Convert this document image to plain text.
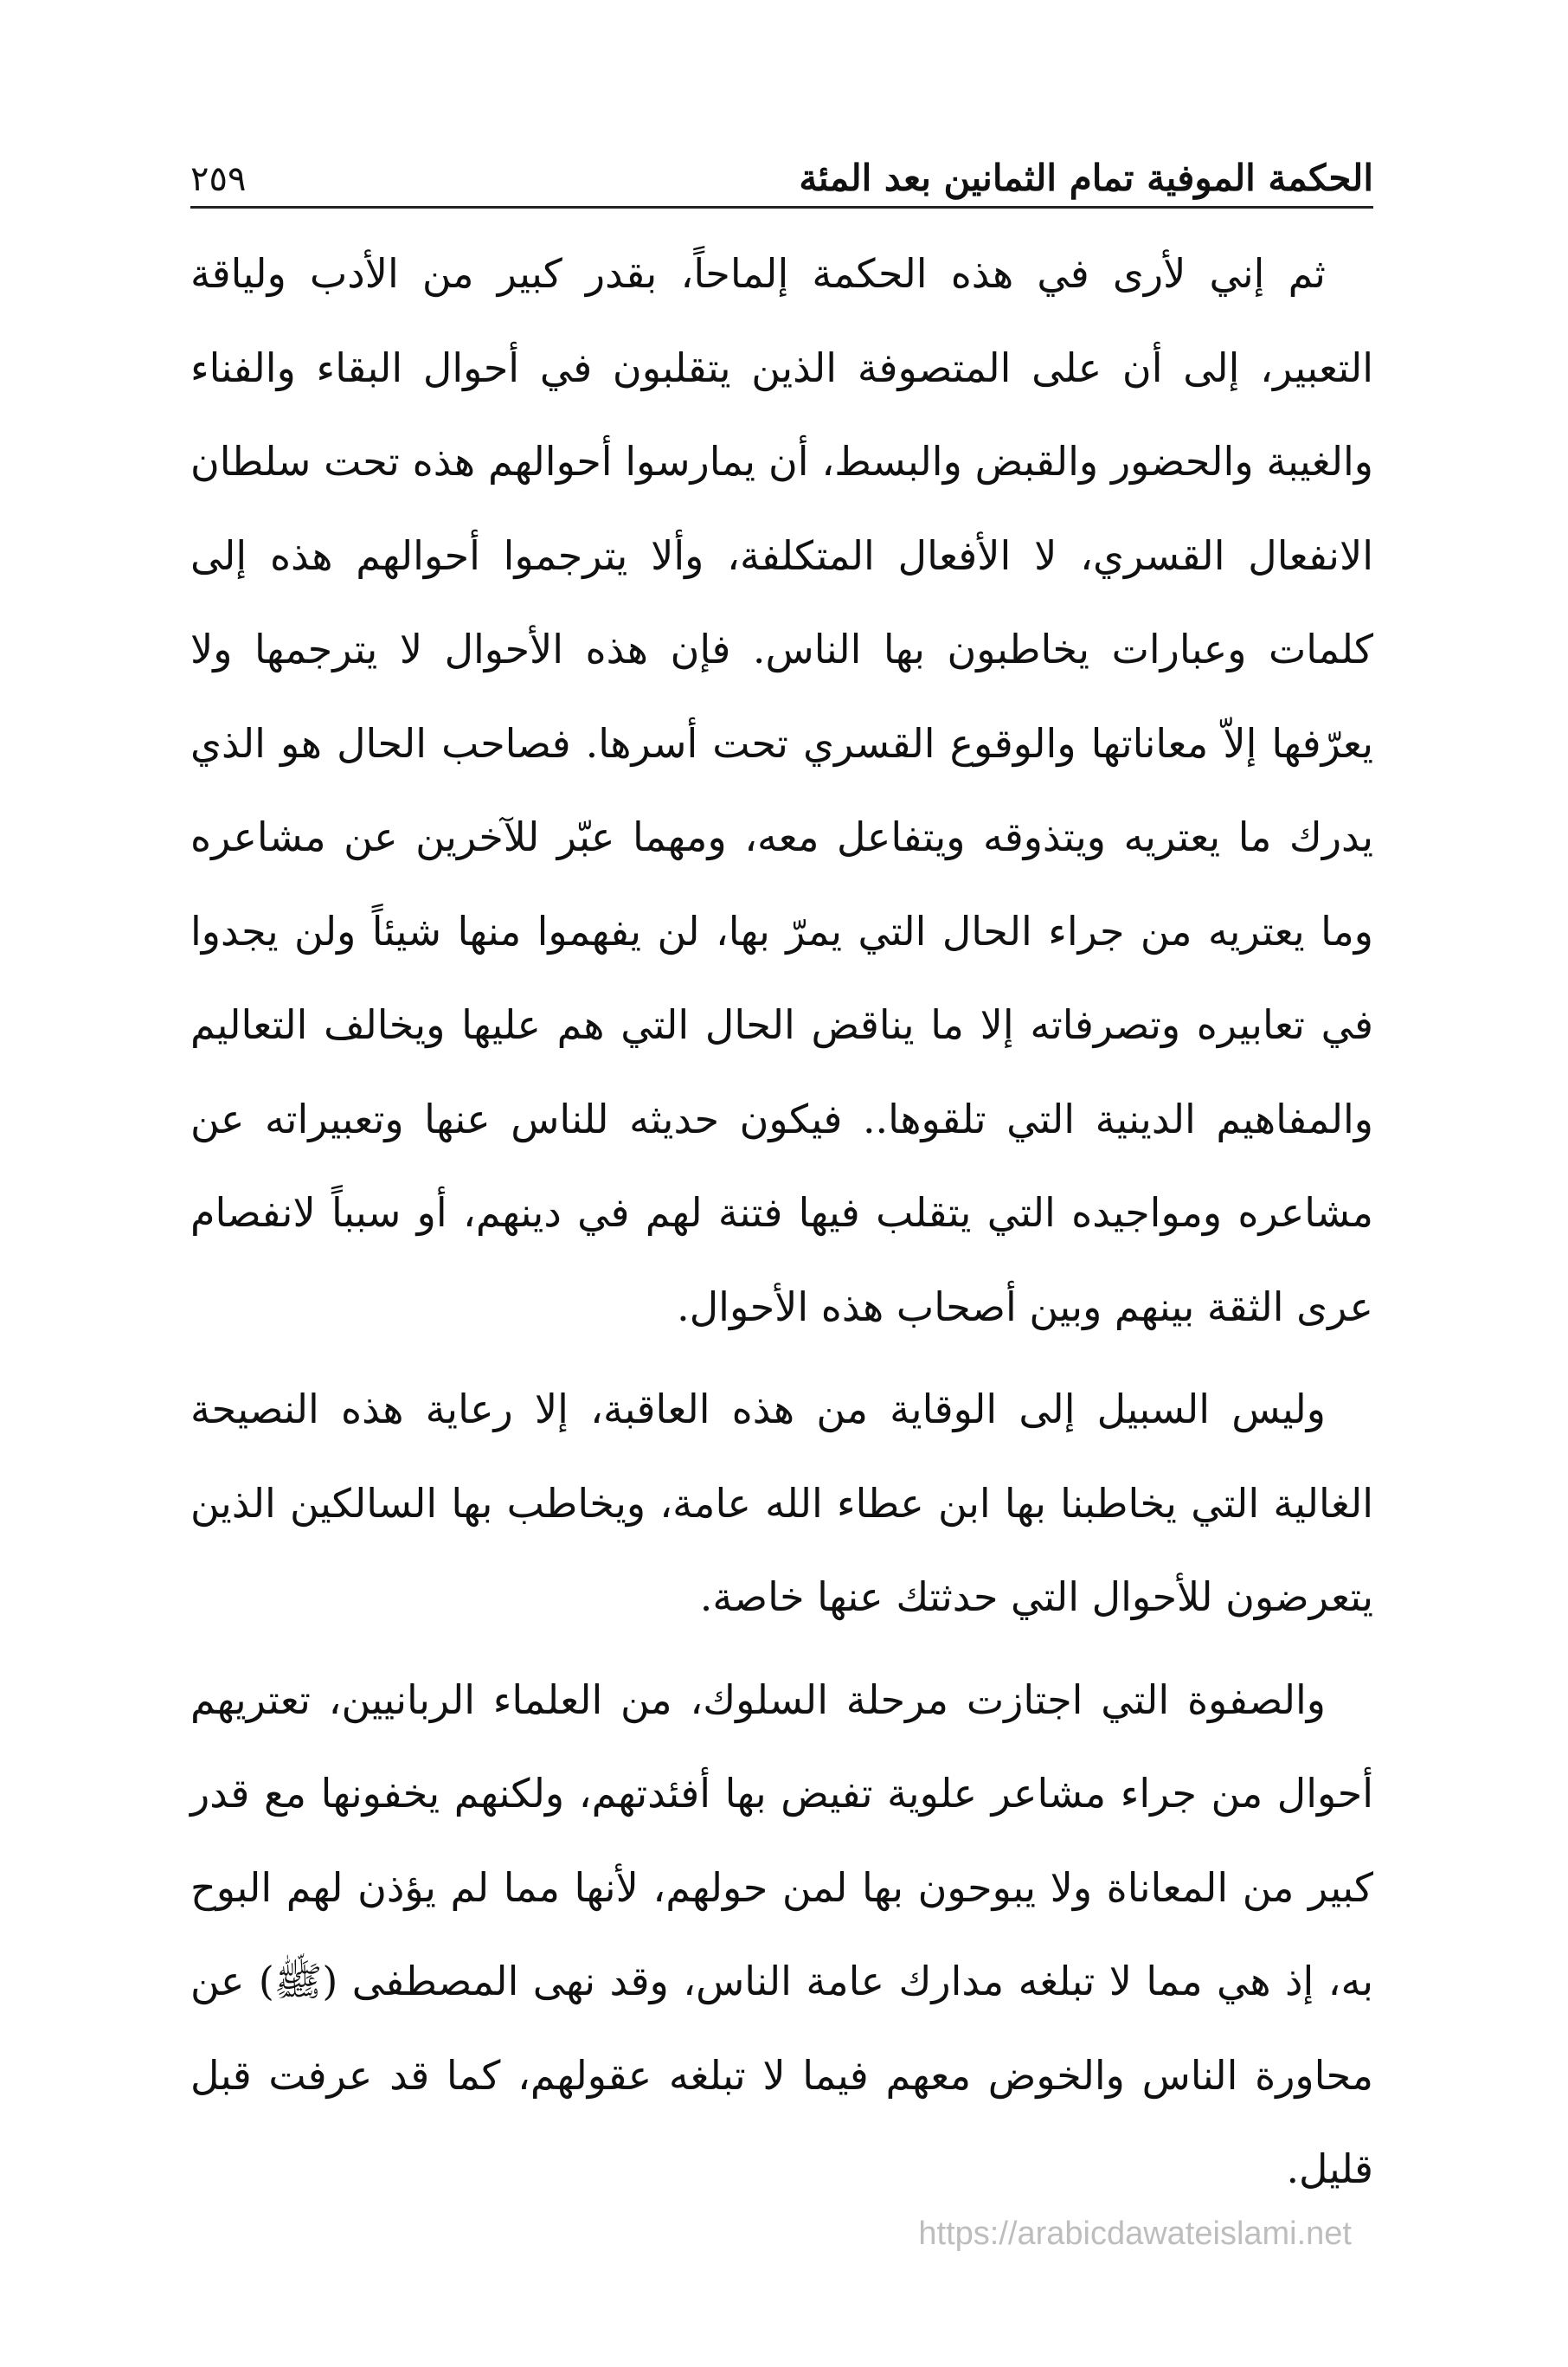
الحكمة الموفية تمام الثمانين بعد المئة
٢٥٩

ثم إني لأرى في هذه الحكمة إلماحاً، بقدر كبير من الأدب ولياقة التعبير، إلى أن على المتصوفة الذين يتقلبون في أحوال البقاء والفناء والغيبة والحضور والقبض والبسط، أن يمارسوا أحوالهم هذه تحت سلطان الانفعال القسري، لا الأفعال المتكلفة، وألا يترجموا أحوالهم هذه إلى كلمات وعبارات يخاطبون بها الناس. فإن هذه الأحوال لا يترجمها ولا يعرّفها إلاّ معاناتها والوقوع القسري تحت أسرها. فصاحب الحال هو الذي يدرك ما يعتريه ويتذوقه ويتفاعل معه، ومهما عبّر للآخرين عن مشاعره وما يعتريه من جراء الحال التي يمرّ بها، لن يفهموا منها شيئاً ولن يجدوا في تعابيره وتصرفاته إلا ما يناقض الحال التي هم عليها ويخالف التعاليم والمفاهيم الدينية التي تلقوها.. فيكون حديثه للناس عنها وتعبيراته عن مشاعره ومواجيده التي يتقلب فيها فتنة لهم في دينهم، أو سبباً لانفصام عرى الثقة بينهم وبين أصحاب هذه الأحوال.

وليس السبيل إلى الوقاية من هذه العاقبة، إلا رعاية هذه النصيحة الغالية التي يخاطبنا بها ابن عطاء الله عامة، ويخاطب بها السالكين الذين يتعرضون للأحوال التي حدثتك عنها خاصة.

والصفوة التي اجتازت مرحلة السلوك، من العلماء الربانيين، تعتريهم أحوال من جراء مشاعر علوية تفيض بها أفئدتهم، ولكنهم يخفونها مع قدر كبير من المعاناة ولا يبوحون بها لمن حولهم، لأنها مما لم يؤذن لهم البوح به، إذ هي مما لا تبلغه مدارك عامة الناس، وقد نهى المصطفى (ﷺ) عن محاورة الناس والخوض معهم فيما لا تبلغه عقولهم، كما قد عرفت قبل قليل.

https://arabicdawateislami.net
